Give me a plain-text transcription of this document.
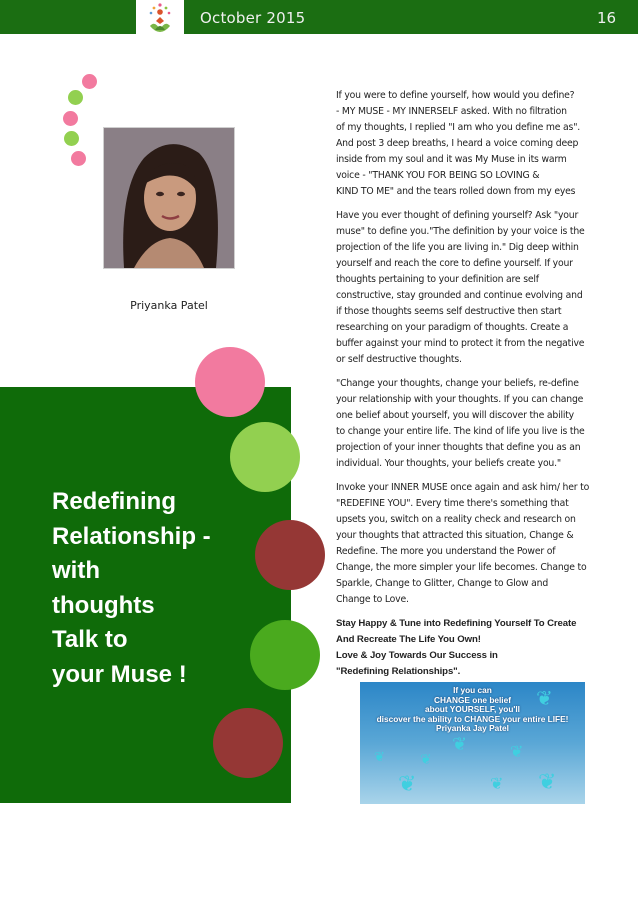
October 2015	16
Priyanka Patel
Redefining
Relationship -
with
thoughts
Talk to
your Muse !

If you were to define yourself, how would you define?
- MY MUSE - MY INNERSELF asked. With no filtration
of my thoughts, I replied "I am who you define me as".
And post 3 deep breaths, I heard a voice coming deep
inside from my soul and it was My Muse in its warm
voice - "THANK YOU FOR BEING SO LOVING &
KIND TO ME" and the tears rolled down from my eyes

Have you ever thought of defining yourself? Ask "your
muse" to define you."The definition by your voice is the
projection of the life you are living in." Dig deep within
yourself and reach the core to define yourself. If your
thoughts pertaining to your definition are self
constructive, stay grounded and continue evolving and
if those thoughts seems self destructive then start
researching on your paradigm of thoughts. Create a
buffer against your mind to protect it from the negative
or self destructive thoughts.

"Change your thoughts, change your beliefs, re-define
your relationship with your thoughts. If you can change
one belief about yourself, you will discover the ability
to change your entire life. The kind of life you live is the
projection of your inner thoughts that define you as an
individual. Your thoughts, your beliefs create you."

Invoke your INNER MUSE once again and ask him/ her to
"REDEFINE YOU". Every time there's something that
upsets you, switch on a reality check and research on
your thoughts that attracted this situation, Change &
Redefine. The more you understand the Power of
Change, the more simpler your life becomes. Change to
Sparkle, Change to Glitter, Change to Glow and
Change to Love.

Stay Happy & Tune into Redefining Yourself To Create
And Recreate The Life You Own!
Love & Joy Towards Our Success in
"Redefining Relationships".

If you can
CHANGE one belief
about YOURSELF, you'll
discover the ability to CHANGE your entire LIFE!
Priyanka Jay Patel
❦
❦
❦	❦
❦	❦ ❦
❦
